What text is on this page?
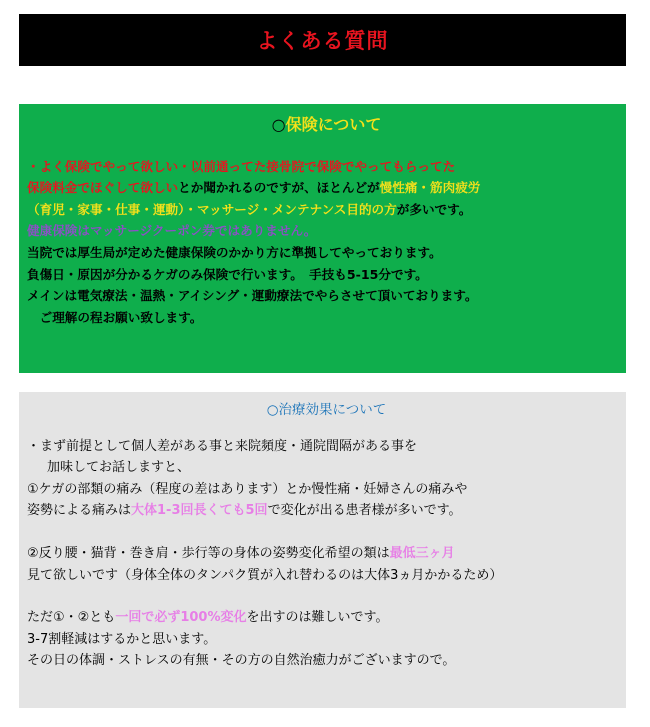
よくある質問
○保険について
・よく保険でやって欲しい・以前通ってた接骨院で保険でやってもらってた
保険料金でほぐして欲しいとか聞かれるのですが、ほとんどが慢性痛・筋肉疲労
（育児・家事・仕事・運動）・マッサージ・メンテナンス目的の方が多いです。
健康保険はマッサージクーポン券ではありません。
当院では厚生局が定めた健康保険のかかり方に準拠してやっております。
負傷日・原因が分かるケガのみ保険で行います。　手技も5-15分です。
メインは電気療法・温熱・アイシング・運動療法でやらさせて頂いております。
　ご理解の程お願い致します。
○治療効果について
・まず前提として個人差がある事と来院頻度・通院間隔がある事を
加味してお話しますと、
①ケガの部類の痛み（程度の差はあります）とか慢性痛・妊婦さんの痛みや
姿勢による痛みは大体1-3回長くても5回で変化が出る患者様が多いです。
②反り腰・猫背・巻き肩・歩行等の身体の姿勢変化希望の類は最低三ヶ月
見て欲しいです（身体全体のタンパク質が入れ替わるのは大体3ヵ月かかるため）
ただ①・②とも一回で必ず100%変化を出すのは難しいです。
3-7割軽減はするかと思います。
その日の体調・ストレスの有無・その方の自然治癒力がございますので。
